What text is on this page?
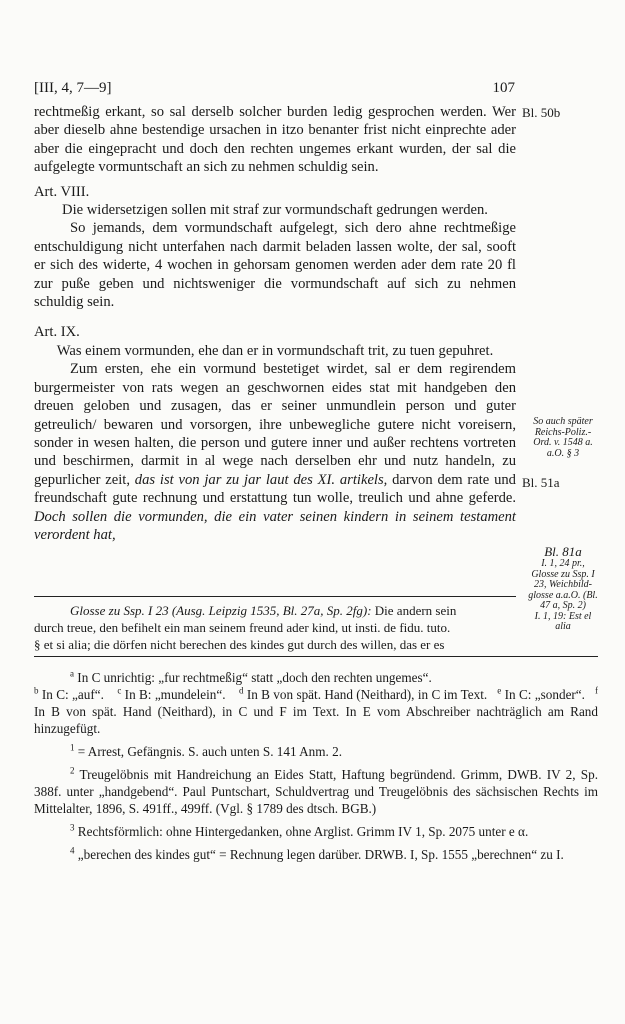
[III, 4, 7—9]	107

rechtmeßig erkant, so sal derselb solcher burden ledig gesprochen werden. Wer aber dieselb ahne bestendige ursachen in itzo benanter frist nicht einprechte ader aber die eingepracht und doch den rechten ungemes erkant wurden, der sal die aufgelegte vormuntschaft an sich zu nehmen schuldig sein.

Art. VIII.

Die widersetzigen sollen mit straf zur vormundschaft gedrungen werden.

So jemands, dem vormundschaft aufgelegt, sich dero ahne rechtmeßige entschuldigung nicht unterfahen nach darmit beladen lassen wolte, der sal, sooft er sich des widerte, 4 wochen in gehorsam genomen werden ader dem rate 20 fl zur puße geben und nichtsweniger die vormundschaft auf sich zu nehmen schuldig sein.

Art. IX.

Was einem vormunden, ehe dan er in vormundschaft trit, zu tuen gepuhret.

Zum ersten, ehe ein vormund bestetiget wirdet, sal er dem regirendem burgermeister von rats wegen an geschwornen eides stat mit handgeben den dreuen geloben und zusagen, das er seiner unmundlein person und guter getreulich/ bewaren und vorsorgen, ihre unbewegliche gutere nicht voreisern, sonder in wesen halten, die person und gutere inner und außer rechtens vortreten und beschirmen, darmit in al wege nach derselben ehr und nutz handeln, zu gepurlicher zeit, das ist von jar zu jar laut des XI. artikels, darvon dem rate und freundschaft gute rechnung und erstattung tun wolle, treulich und ahne geferde. Doch sollen die vormunden, die ein vater seinen kindern in seinem testament verordent hat,

Bl. 50b
So auch später
Reichs-Poliz.-
Ord. v. 1548 a.
a.O. § 3
Bl. 51a
Bl. 81a
I. 1, 24 pr.,
Glosse zu Ssp. I
23, Weichbild-
glosse a.a.O. (Bl.
47 a, Sp. 2)
I. 1, 19: Est el
alia

Glosse zu Ssp. I 23 (Ausg. Leipzig 1535, Bl. 27a, Sp. 2fg): Die andern sein

durch treue, den befihelt ein man seinem freund ader kind, ut insti. de fidu. tuto.

§ et si alia; die dörfen nicht berechen des kindes gut durch des willen, das er es

$^a$ In C unrichtig: „fur rechtmeßig“ statt „doch den rechten ungemes“.

$^b$ In C: „auf“. $^c$ In B: „mundelein“. $^d$ In B von spät. Hand (Neithard), in C im Text. $^e$ In C: „sonder“. $^f$ In B von spät. Hand (Neithard), in C und F im Text. In E vom Abschreiber nachträglich am Rand hinzugefügt.

$^1$ = Arrest, Gefängnis. S. auch unten S. 141 Anm. 2.

$^2$ Treugelöbnis mit Handreichung an Eides Statt, Haftung begründend. Grimm, DWB. IV 2, Sp. 388f. unter „handgebend“. Paul Puntschart, Schuldvertrag und Treugelöbnis des sächsischen Rechts im Mittelalter, 1896, S. 491ff., 499ff. (Vgl. § 1789 des dtsch. BGB.)

$^3$ Rechtsförmlich: ohne Hintergedanken, ohne Arglist. Grimm IV 1, Sp. 2075 unter e α.

$^4$ „berechen des kindes gut“ = Rechnung legen darüber. DRWB. I, Sp. 1555 „berechnen“ zu I.
